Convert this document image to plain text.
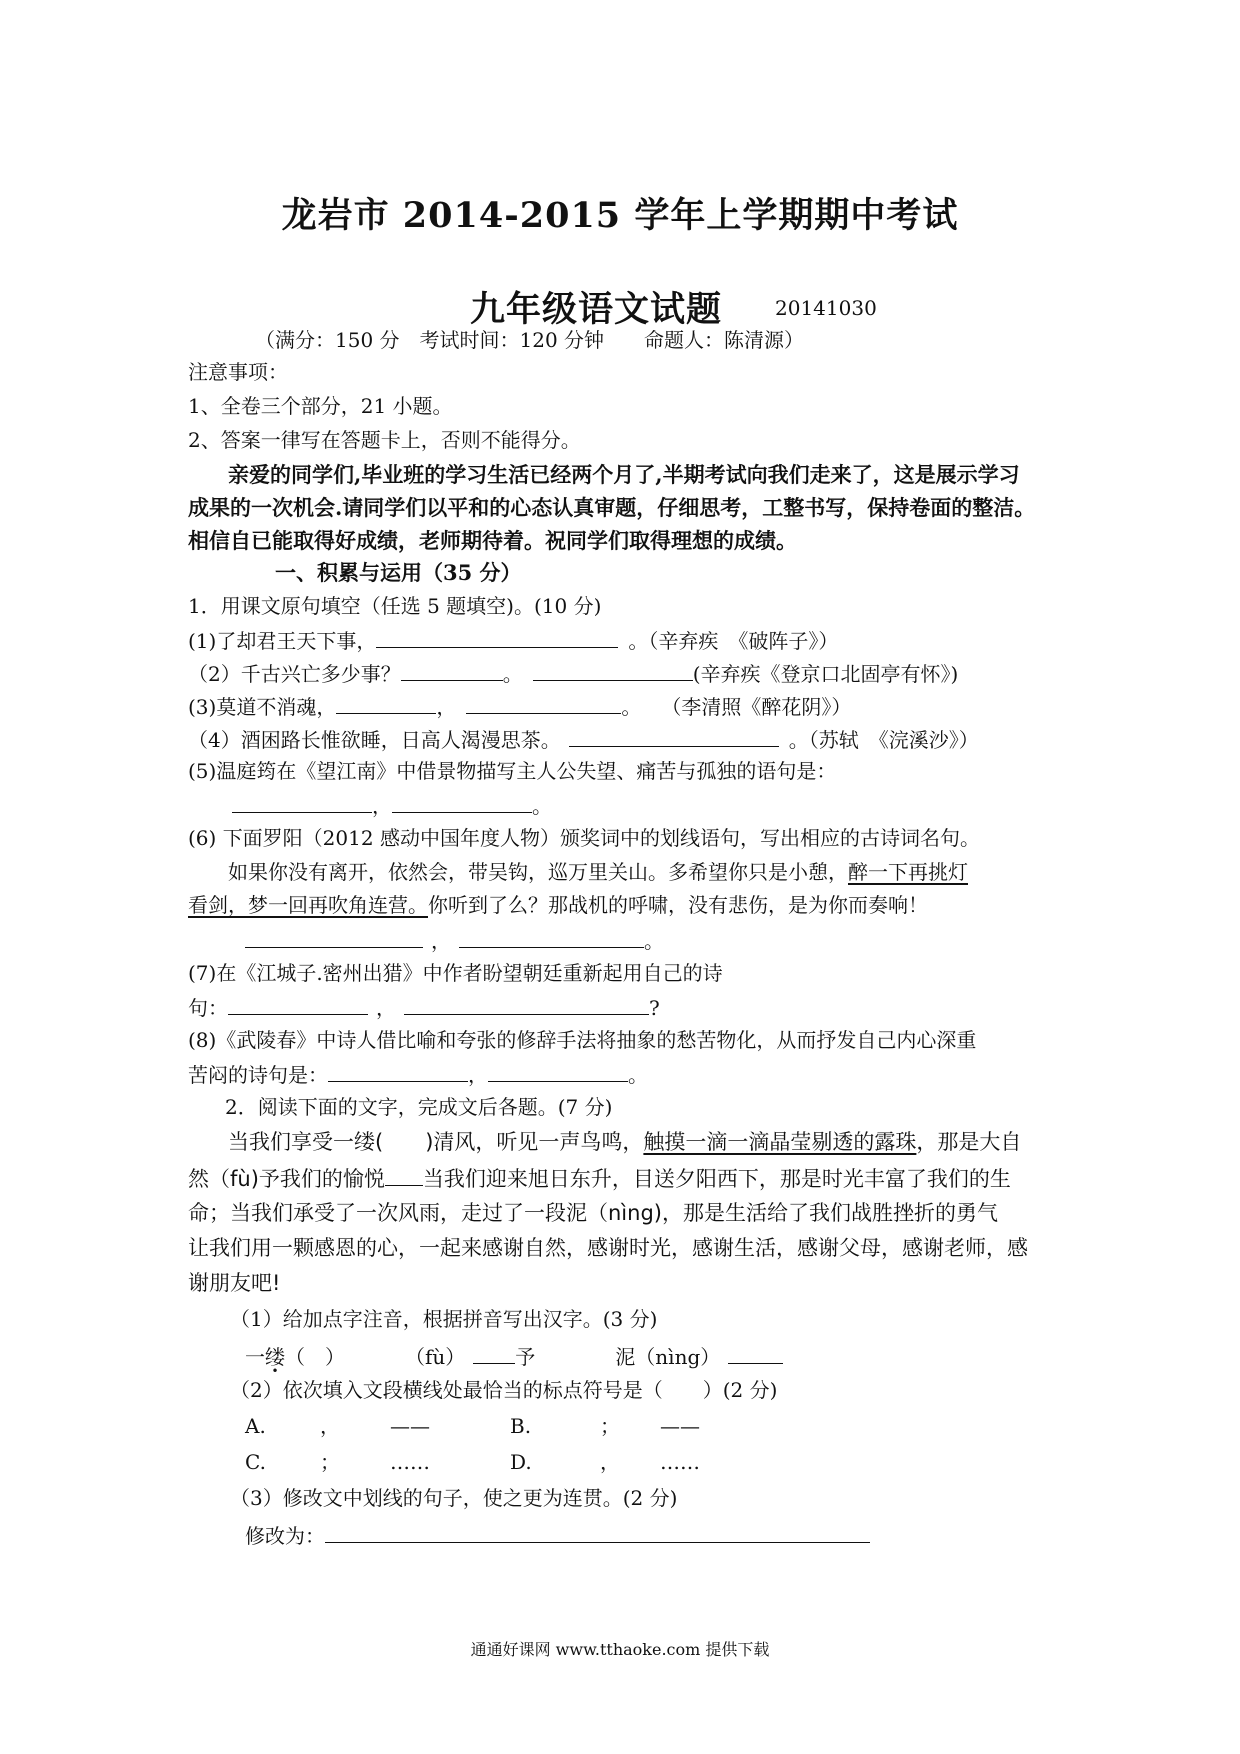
龙岩市 2014-2015 学年上学期期中考试
九年级语文试题	20141030
（满分：150 分　考试时间：120 分钟　　命题人：陈清源）
注意事项：
1、全卷三个部分，21 小题。
2、答案一律写在答题卡上，否则不能得分。
亲爱的同学们,毕业班的学习生活已经两个月了,半期考试向我们走来了，这是展示学习
成果的一次机会.请同学们以平和的心态认真审题，仔细思考，工整书写，保持卷面的整洁。
相信自已能取得好成绩，老师期待着。祝同学们取得理想的成绩。
一、积累与运用（35 分）
1．用课文原句填空（任选 5 题填空)。(10 分)
(1)了却君王天下事，	。（辛弃疾　《破阵子》）
（2）千古兴亡多少事？	。	(辛弃疾《登京口北固亭有怀》)
(3)莫道不消魂，	，	。　　（李清照《醉花阴》）
（4）酒困路长惟欲睡，日高人渴漫思茶。	。（苏轼　《浣溪沙》）
(5)温庭筠在《望江南》中借景物描写主人公失望、痛苦与孤独的语句是：
，	。
(6) 下面罗阳（2012 感动中国年度人物）颁奖词中的划线语句，写出相应的古诗词名句。
如果你没有离开，依然会，带吴钩，巡万里关山。多希望你只是小憩，醉一下再挑灯
看剑，梦一回再吹角连营。你听到了么？那战机的呼啸，没有悲伤，是为你而奏响！
，	。
(7)在《江城子.密州出猎》中作者盼望朝廷重新起用自己的诗
句：	，	?
(8)《武陵春》中诗人借比喻和夸张的修辞手法将抽象的愁苦物化，从而抒发自己内心深重
苦闷的诗句是：	，	。
2．阅读下面的文字，完成文后各题。(7 分)
当我们享受一缕(　　)清风，听见一声鸟鸣，触摸一滴一滴晶莹剔透的露珠，那是大自
然（fù)予我们的愉悦 当我们迎来旭日东升，目送夕阳西下，那是时光丰富了我们的生
命；当我们承受了一次风雨，走过了一段泥（nìng)，那是生活给了我们战胜挫折的勇气
让我们用一颗感恩的心，一起来感谢自然，感谢时光，感谢生活，感谢父母，感谢老师，感
谢朋友吧!
（1）给加点字注音，根据拼音写出汉字。(3 分)
一缕（　）	（fù）	予	泥（nìng）
（2）依次填入文段横线处最恰当的标点符号是（　　）(2 分)
A.	，	——	B.	； ——
C.	；	……	D.	， ……
（3）修改文中划线的句子，使之更为连贯。(2 分)
修改为：
通通好课网 www.tthaoke.com 提供下载
